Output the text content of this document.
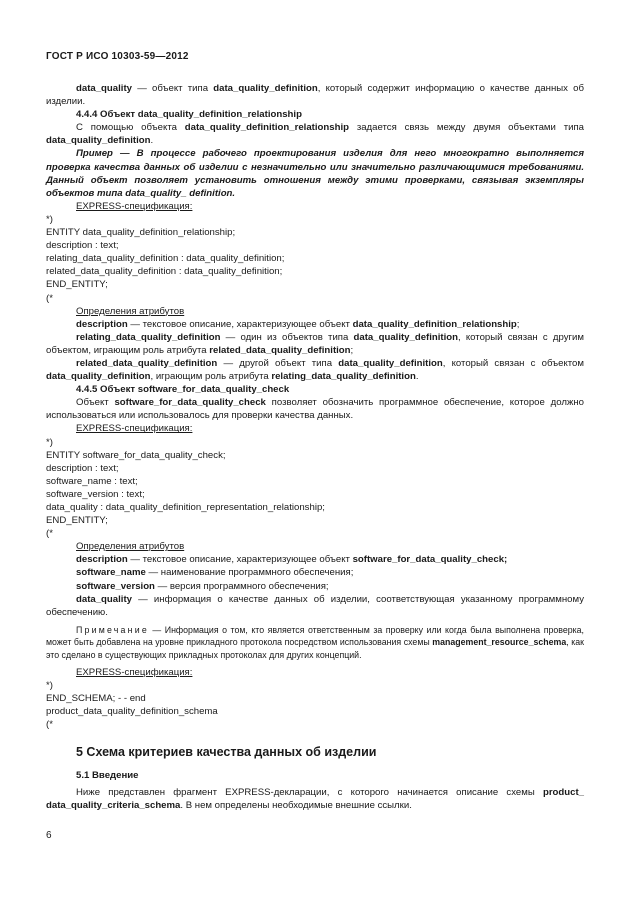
ГОСТ Р ИСО 10303-59—2012

data_quality — объект типа data_quality_definition, который содержит информацию о качестве данных об изделии.

4.4.4 Объект data_quality_definition_relationship

С помощью объекта data_quality_definition_relationship задается связь между двумя объектами типа data_quality_definition.

Пример — В процессе рабочего проектирования изделия для него многократно выполняется проверка качества данных об изделии с незначительно или значительно различающимися требованиями. Данный объект позволяет установить отношения между этими проверками, связывая экземпляры объектов типа data_quality_ definition.

EXPRESS-спецификация:

*)
ENTITY data_quality_definition_relationship;
description : text;
relating_data_quality_definition : data_quality_definition;
related_data_quality_definition : data_quality_definition;
END_ENTITY;
(*

Определения атрибутов

description — текстовое описание, характеризующее объект data_quality_definition_relationship;

relating_data_quality_definition — один из объектов типа data_quality_definition, который связан с другим объектом, играющим роль атрибута related_data_quality_definition;

related_data_quality_definition — другой объект типа data_quality_definition, который связан с объектом data_quality_definition, играющим роль атрибута relating_data_quality_definition.

4.4.5 Объект software_for_data_quality_check

Объект software_for_data_quality_check позволяет обозначить программное обеспечение, которое должно использоваться или использовалось для проверки качества данных.

EXPRESS-спецификация:

*)
ENTITY software_for_data_quality_check;
description : text;
software_name : text;
software_version : text;
data_quality : data_quality_definition_representation_relationship;
END_ENTITY;
(*

Определения атрибутов

description — текстовое описание, характеризующее объект software_for_data_quality_check;

software_name — наименование программного обеспечения;

software_version — версия программного обеспечения;

data_quality — информация о качестве данных об изделии, соответствующая указанному программному обеспечению.

Примечание — Информация о том, кто является ответственным за проверку или когда была выполнена проверка, может быть добавлена на уровне прикладного протокола посредством использования схемы management_resource_schema, как это сделано в существующих прикладных протоколах для других концепций.

EXPRESS-спецификация:

*)
END_SCHEMA; - - end
product_data_quality_definition_schema
(*

5 Схема критериев качества данных об изделии

5.1 Введение

Ниже представлен фрагмент EXPRESS-декларации, с которого начинается описание схемы product_ data_quality_criteria_schema. В нем определены необходимые внешние ссылки.

6
